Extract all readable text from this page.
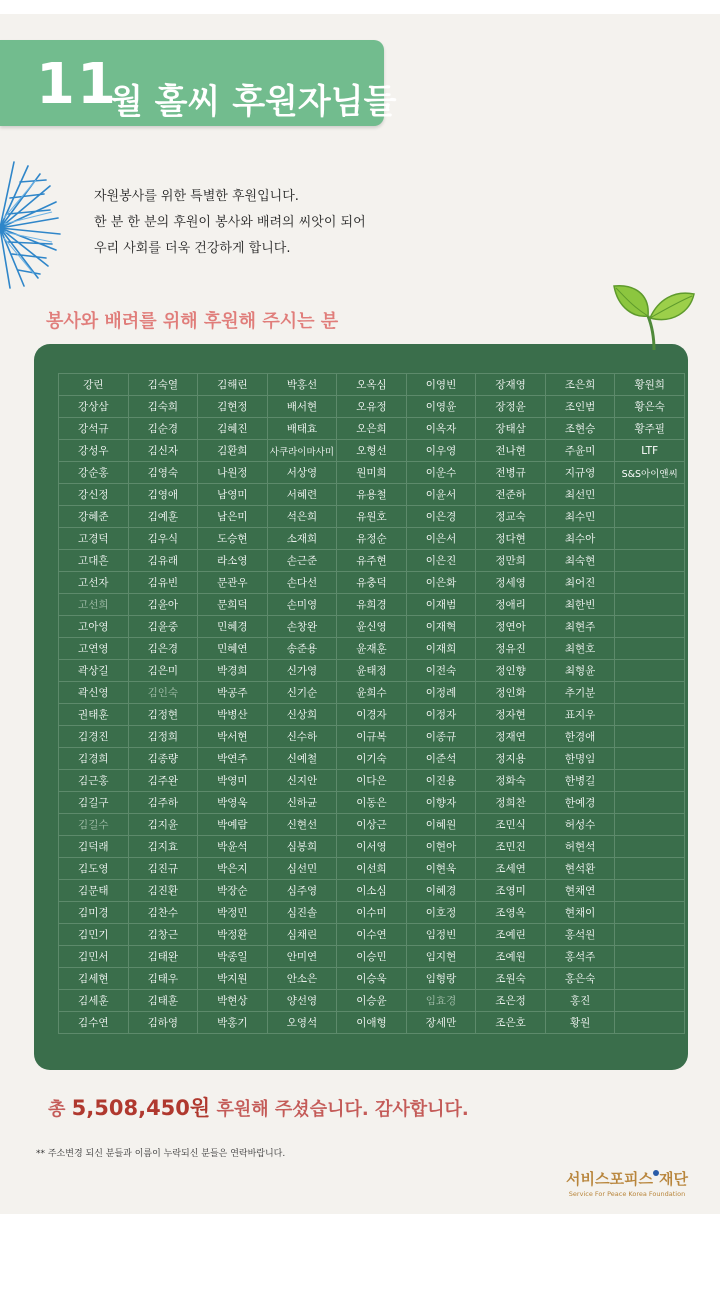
11
월 홀씨 후원자님들
자원봉사를 위한 특별한 후원입니다.
한 분 한 분의 후원이 봉사와 배려의 씨앗이 되어
우리 사회를 더욱 건강하게 합니다.
봉사와 배려를 위해 후원해 주시는 분
강린	김숙열	김해린	박홍선	오옥심	이영빈	장재영	조은희	황원희
강상삼	김숙희	김현정	배서현	오유정	이영윤	장정윤	조인범	황은숙
강석규	김순경	김혜진	배태효	오은희	이옥자	장태삼	조현승	황주필
강성우	김신자	김환희	사쿠라이마사미	오형선	이우영	전나현	주윤미	LTF
강순홍	김영숙	나원정	서상영	원미희	이운수	전병규	지규영	S&S아이앤씨
강신정	김영애	남영미	서혜련	유용철	이윤서	전준하	최선민	
강혜준	김예훈	남은미	석은희	유원호	이은경	정교숙	최수민	
고경덕	김우식	도승현	소재희	유정순	이은서	정다현	최수아	
고대흔	김유래	라소영	손근준	유주현	이은진	정만희	최숙현	
고선자	김유빈	문관우	손다선	유충덕	이은화	정세영	최어진	
고선희	김윤아	문희덕	손미영	유희경	이재범	정애리	최한빈	
고아영	김윤중	민혜경	손창완	윤신영	이재혁	정연아	최현주	
고연영	김은경	민혜연	송준용	윤재훈	이재희	정유진	최현호	
곽상길	김은미	박경희	신가영	윤태정	이전숙	정인향	최형윤	
곽신영	김인숙	박공주	신기순	윤희수	이정례	정인화	추기분	
권태훈	김정현	박병산	신상희	이경자	이정자	정자현	표지우	
김경진	김정희	박서현	신수하	이규복	이종규	정재연	한경애	
김경희	김종량	박연주	신예철	이기숙	이준석	정지용	한명임	
김근홍	김주완	박영미	신지안	이다은	이진용	정화숙	한병길	
김길구	김주하	박영욱	신하균	이동은	이향자	정희찬	한예경	
김길수	김지윤	박예람	신현선	이상근	이혜원	조민식	허성수	
김덕래	김지효	박윤석	심봉희	이서영	이현아	조민진	허현석	
김도영	김진규	박은지	심선민	이선희	이현욱	조세연	현석환	
김문태	김진환	박장순	심주영	이소심	이혜경	조영미	현채연	
김미경	김찬수	박정민	심진솔	이수미	이호정	조영옥	현채이	
김민기	김창근	박정환	심채린	이수연	임정빈	조예린	홍석원	
김민서	김태완	박종일	안미연	이승민	임지현	조예원	홍석주	
김세현	김태우	박지원	안소은	이승욱	임형랑	조원숙	홍은숙	
김세훈	김태훈	박현상	양선영	이승윤	임효경	조은정	홍진	
김수연	김하영	박홍기	오영석	이애형	장세만	조은호	황원	
총 5,508,450원 후원해 주셨습니다. 감사합니다.
** 주소변경 되신 분들과 이름이 누락되신 분들은 연락바랍니다.
서비스포피스 재단
Service For Peace Korea Foundation
